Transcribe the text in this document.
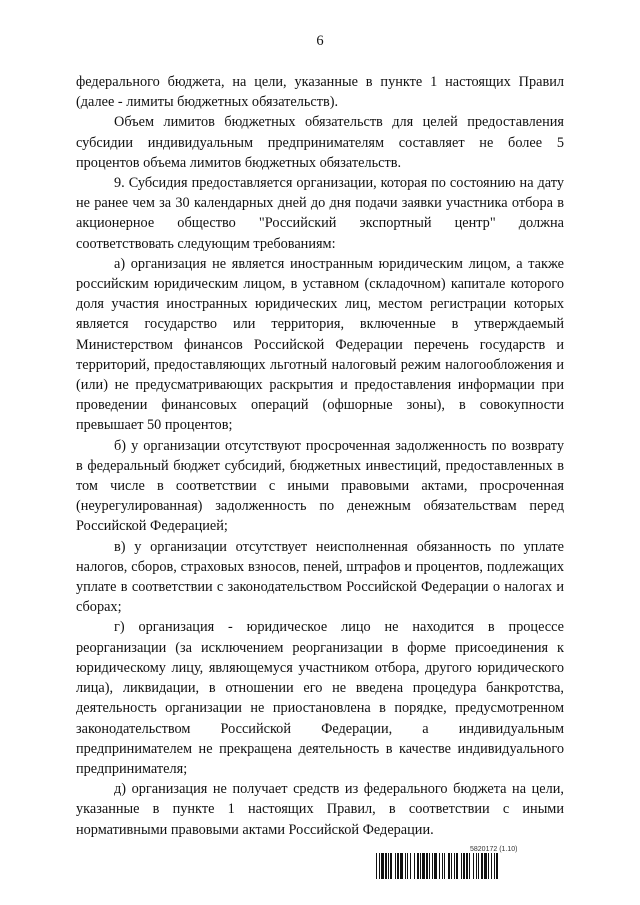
6

федерального бюджета, на цели, указанные в пункте 1 настоящих Правил (далее - лимиты бюджетных обязательств).

Объем лимитов бюджетных обязательств для целей предоставления субсидии индивидуальным предпринимателям составляет не более 5 процентов объема лимитов бюджетных обязательств.

9. Субсидия предоставляется организации, которая по состоянию на дату не ранее чем за 30 календарных дней до дня подачи заявки участника отбора в акционерное общество "Российский экспортный центр" должна соответствовать следующим требованиям:

а) организация не является иностранным юридическим лицом, а также российским юридическим лицом, в уставном (складочном) капитале которого доля участия иностранных юридических лиц, местом регистрации которых является государство или территория, включенные в утверждаемый Министерством финансов Российской Федерации перечень государств и территорий, предоставляющих льготный налоговый режим налогообложения и (или) не предусматривающих раскрытия и предоставления информации при проведении финансовых операций (офшорные зоны), в совокупности превышает 50 процентов;

б) у организации отсутствуют просроченная задолженность по возврату в федеральный бюджет субсидий, бюджетных инвестиций, предоставленных в том числе в соответствии с иными правовыми актами, просроченная (неурегулированная) задолженность по денежным обязательствам перед Российской Федерацией;

в) у организации отсутствует неисполненная обязанность по уплате налогов, сборов, страховых взносов, пеней, штрафов и процентов, подлежащих уплате в соответствии с законодательством Российской Федерации о налогах и сборах;

г) организация - юридическое лицо не находится в процессе реорганизации (за исключением реорганизации в форме присоединения к юридическому лицу, являющемуся участником отбора, другого юридического лица), ликвидации, в отношении его не введена процедура банкротства, деятельность организации не приостановлена в порядке, предусмотренном законодательством Российской Федерации, а индивидуальным предпринимателем не прекращена деятельность в качестве индивидуального предпринимателя;

д) организация не получает средств из федерального бюджета на цели, указанные в пункте 1 настоящих Правил, в соответствии с иными нормативными правовыми актами Российской Федерации.

5820172 (1.10)
